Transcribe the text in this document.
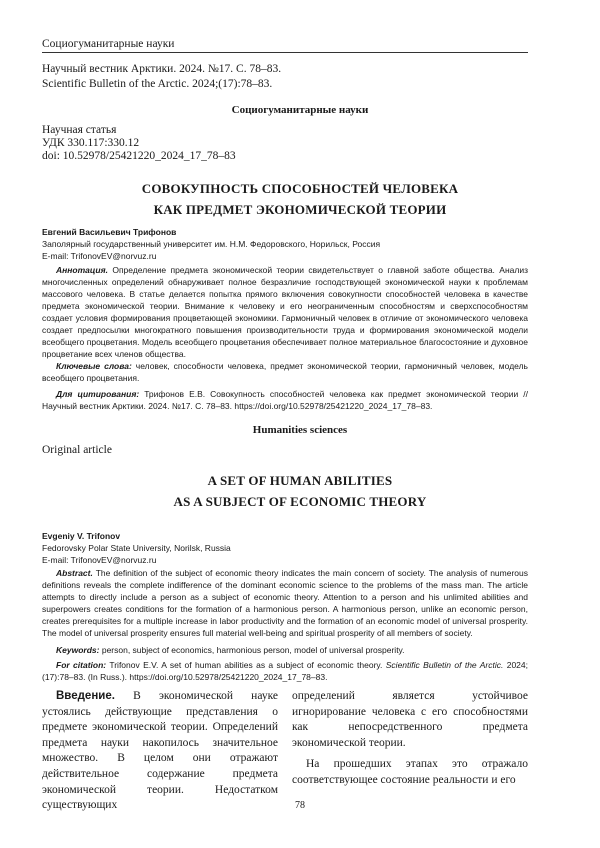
Социогуманитарные науки
Научный вестник Арктики. 2024. №17. С. 78–83.
Scientific Bulletin of the Arctic. 2024;(17):78–83.
Социогуманитарные науки
Научная статья
УДК 330.117:330.12
doi: 10.52978/25421220_2024_17_78–83
СОВОКУПНОСТЬ СПОСОБНОСТЕЙ ЧЕЛОВЕКА
КАК ПРЕДМЕТ ЭКОНОМИЧЕСКОЙ ТЕОРИИ
Евгений Васильевич Трифонов
Заполярный государственный университет им. Н.М. Федоровского, Норильск, Россия
E-mail: TrifonovEV@norvuz.ru
Аннотация. Определение предмета экономической теории свидетельствует о главной заботе общества. Анализ многочисленных определений обнаруживает полное безразличие господствующей экономической науки к проблемам массового человека. В статье делается попытка прямого включения совокупности способностей человека в качестве предмета экономической теории. Внимание к человеку и его неограниченным способностям и сверхспособностям создает условия формирования процветающей экономики. Гармоничный человек в отличие от экономического человека создает предпосылки многократного повышения производительности труда и формирования экономической модели всеобщего процветания. Модель всеобщего процветания обеспечивает полное материальное благосостояние и духовное процветание всех членов общества.
Ключевые слова: человек, способности человека, предмет экономической теории, гармоничный человек, модель всеобщего процветания.
Для цитирования: Трифонов Е.В. Совокупность способностей человека как предмет экономической теории // Научный вестник Арктики. 2024. №17. С. 78–83. https://doi.org/10.52978/25421220_2024_17_78–83.
Humanities sciences
Original article
A SET OF HUMAN ABILITIES
AS A SUBJECT OF ECONOMIC THEORY
Evgeniy V. Trifonov
Fedorovsky Polar State University, Norilsk, Russia
E-mail: TrifonovEV@norvuz.ru
Abstract. The definition of the subject of economic theory indicates the main concern of society. The analysis of numerous definitions reveals the complete indifference of the dominant economic science to the problems of the mass man. The article attempts to directly include a person as a subject of economic theory. Attention to a person and his unlimited abilities and superpowers creates conditions for the formation of a harmonious person. A harmonious person, unlike an economic person, creates prerequisites for a multiple increase in labor productivity and the formation of an economic model of universal prosperity. The model of universal prosperity ensures full material well-being and spiritual prosperity of all members of society.
Keywords: person, subject of economics, harmonious person, model of universal prosperity.
For citation: Trifonov E.V. A set of human abilities as a subject of economic theory. Scientific Bulletin of the Arctic. 2024;(17):78–83. (In Russ.). https://doi.org/10.52978/25421220_2024_17_78–83.

Введение. В экономической науке устоялись действующие представления о предмете экономической теории. Определений предмета науки накопилось значительное множество. В целом они отражают действительное содержание предмета экономической теории. Недостатком существующих

определений является устойчивое игнорирование человека с его способностями как непосредственного предмета экономической теории.

На прошедших этапах это отражало соответствующее состояние реальности и его

78
